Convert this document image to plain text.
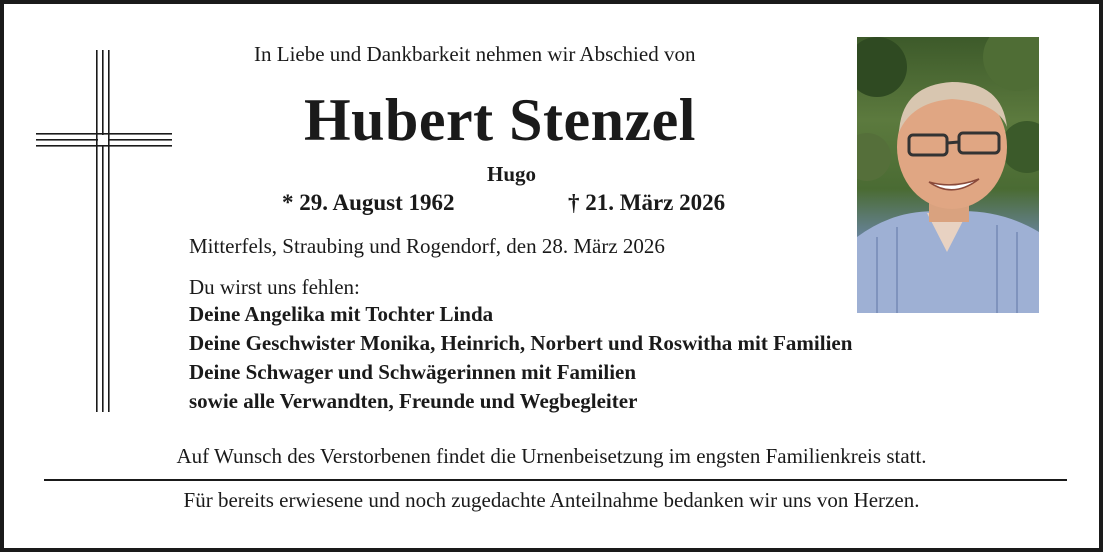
In Liebe und Dankbarkeit nehmen wir Abschied von
Hubert Stenzel
Hugo
* 29. August 1962	† 21. März 2026
Mitterfels, Straubing und Rogendorf, den 28. März 2026
Du wirst uns fehlen:
Deine Angelika mit Tochter Linda
Deine Geschwister Monika, Heinrich, Norbert und Roswitha mit Familien
Deine Schwager und Schwägerinnen mit Familien
sowie alle Verwandten, Freunde und Wegbegleiter
Auf Wunsch des Verstorbenen findet die Urnenbeisetzung im engsten Familienkreis statt.
Für bereits erwiesene und noch zugedachte Anteilnahme bedanken wir uns von Herzen.
